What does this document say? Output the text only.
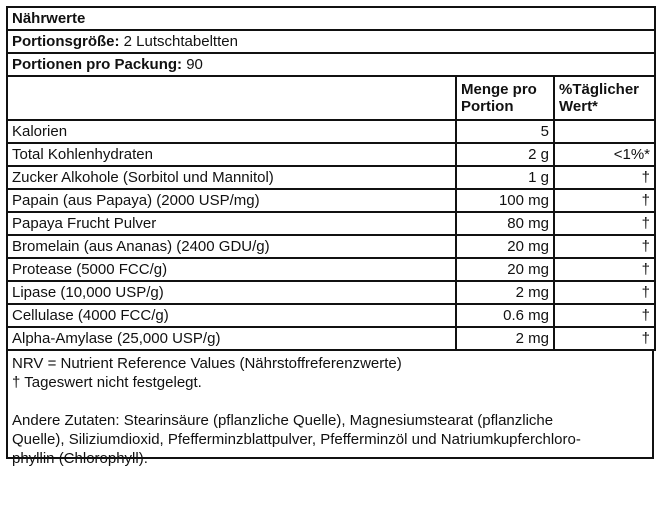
Nährwerte		
Portionsgröße: 2 Lutschtabeltten		
Portionen pro Packung: 90		
	Menge pro Portion	%Täglicher Wert*
Kalorien	5	
Total Kohlenhydraten	2 g	<1%*
Zucker Alkohole (Sorbitol und Mannitol)	1 g	†
Papain (aus Papaya) (2000 USP/mg)	100 mg	†
Papaya Frucht Pulver	80 mg	†
Bromelain (aus Ananas) (2400 GDU/g)	20 mg	†
Protease (5000 FCC/g)	20 mg	†
Lipase (10,000 USP/g)	2 mg	†
Cellulase (4000 FCC/g)	0.6 mg	†
Alpha-Amylase (25,000 USP/g)	2 mg	†

NRV = Nutrient Reference Values (Nährstoffreferenzwerte)

† Tageswert nicht festgelegt.

Andere Zutaten: Stearinsäure (pflanzliche Quelle), Magnesiumstearat (pflanzliche

Quelle), Siliziumdioxid, Pfefferminzblattpulver, Pfefferminzöl und Natriumkupferchloro-

phyllin (Chlorophyll).
